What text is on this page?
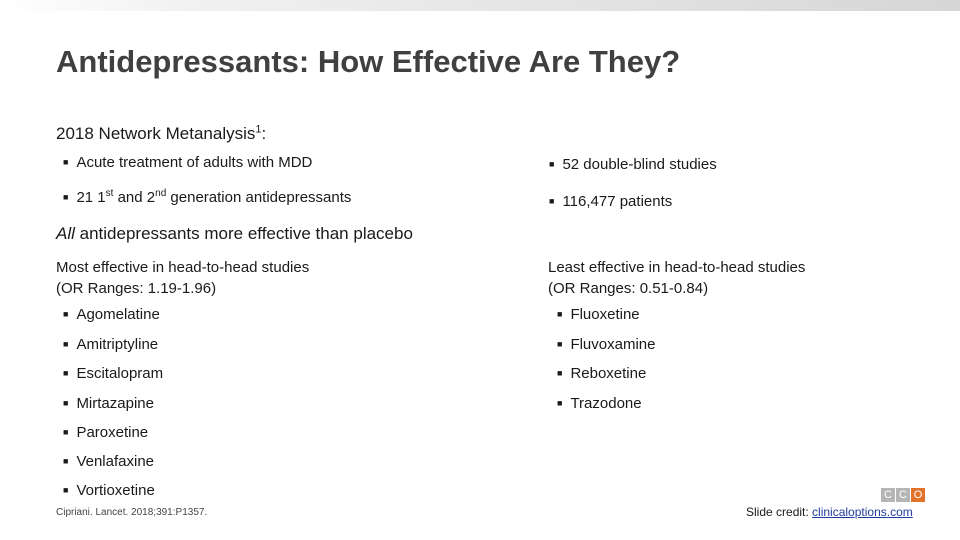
Antidepressants: How Effective Are They?
2018 Network Metanalysis$^1$:
■ Acute treatment of adults with MDD
■ 21 1st and 2nd generation antidepressants
■ 52 double-blind studies
■ 116,477 patients
All antidepressants more effective than placebo
Most effective in head-to-head studies
(OR Ranges: 1.19-1.96)
Least effective in head-to-head studies
(OR Ranges: 0.51-0.84)
■ Agomelatine
■ Amitriptyline
■ Escitalopram
■ Mirtazapine
■ Paroxetine
■ Venlafaxine
■ Vortioxetine
■ Fluoxetine
■ Fluvoxamine
■ Reboxetine
■ Trazodone
Cipriani. Lancet. 2018;391:P1357.
C C O
Slide credit: clinicaloptions.com
